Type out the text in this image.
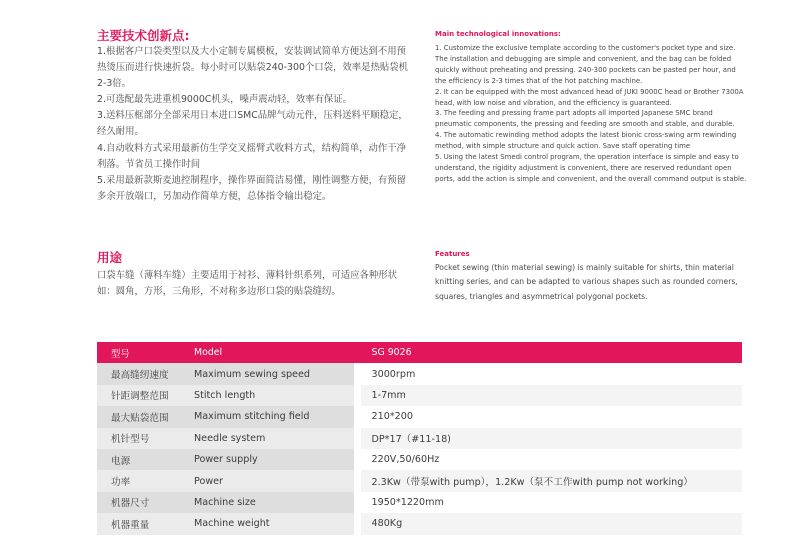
主要技术创新点:

1.根据客户口袋类型以及大小定制专属模板，安装调试简单方便达到不用预热烫压而进行快速折袋。每小时可以贴袋240-300个口袋，效率是热贴袋机2-3倍。

2.可选配最先进重机9000C机头，噪声震动轻，效率有保证。

3.送料压框部分全部采用日本进口SMC品牌气动元件，压料送料平顺稳定，经久耐用。

4.自动收料方式采用最新仿生学交叉摇臂式收料方式，结构简单，动作干净利落。节省员工操作时间

5.采用最新款斯麦迪控制程序，操作界面简洁易懂，刚性调整方便，有预留多余开放端口，另加动作简单方便，总体指令输出稳定。

用途
口袋车缝（薄料车缝）主要适用于衬衫、薄料针织系列，可适应各种形状如：圆角，方形，三角形，不对称多边形口袋的贴袋缝纫。
Main technological innovations:

1. Customize the exclusive template according to the customer's pocket type and size. The installation and debugging are simple and convenient, and the bag can be folded quickly without preheating and pressing. 240-300 pockets can be pasted per hour, and the efficiency is 2-3 times that of the hot patching machine.

2. It can be equipped with the most advanced head of JUKI 9000C head or Brother 7300A head, with low noise and vibration, and the efficiency is guaranteed.

3. The feeding and pressing frame part adopts all imported Japanese SMC brand pneumatic components, the pressing and feeding are smooth and stable, and durable.

4. The automatic rewinding method adopts the latest bionic cross-swing arm rewinding method, with simple structure and quick action. Save staff operating time

5. Using the latest Smedi control program, the operation interface is simple and easy to understand, the rigidity adjustment is convenient, there are reserved redundant open ports, add the action is simple and convenient, and the overall command output is stable.

Features
Pocket sewing (thin material sewing) is mainly suitable for shirts, thin material knitting series, and can be adapted to various shapes such as rounded corners, squares, triangles and asymmetrical polygonal pockets.
型号	Model	SG 9026
最高缝纫速度	Maximum sewing speed	3000rpm
针距调整范围	Stitch length	1-7mm
最大贴袋范围	Maximum stitching field	210*200
机针型号	Needle system	DP*17（#11-18)
电源	Power supply	220V,50/60Hz
功率	Power	2.3Kw（带泵with pump），1.2Kw（泵不工作with pump not working）
机器尺寸	Machine size	1950*1220mm
机器重量	Machine weight	480Kg
